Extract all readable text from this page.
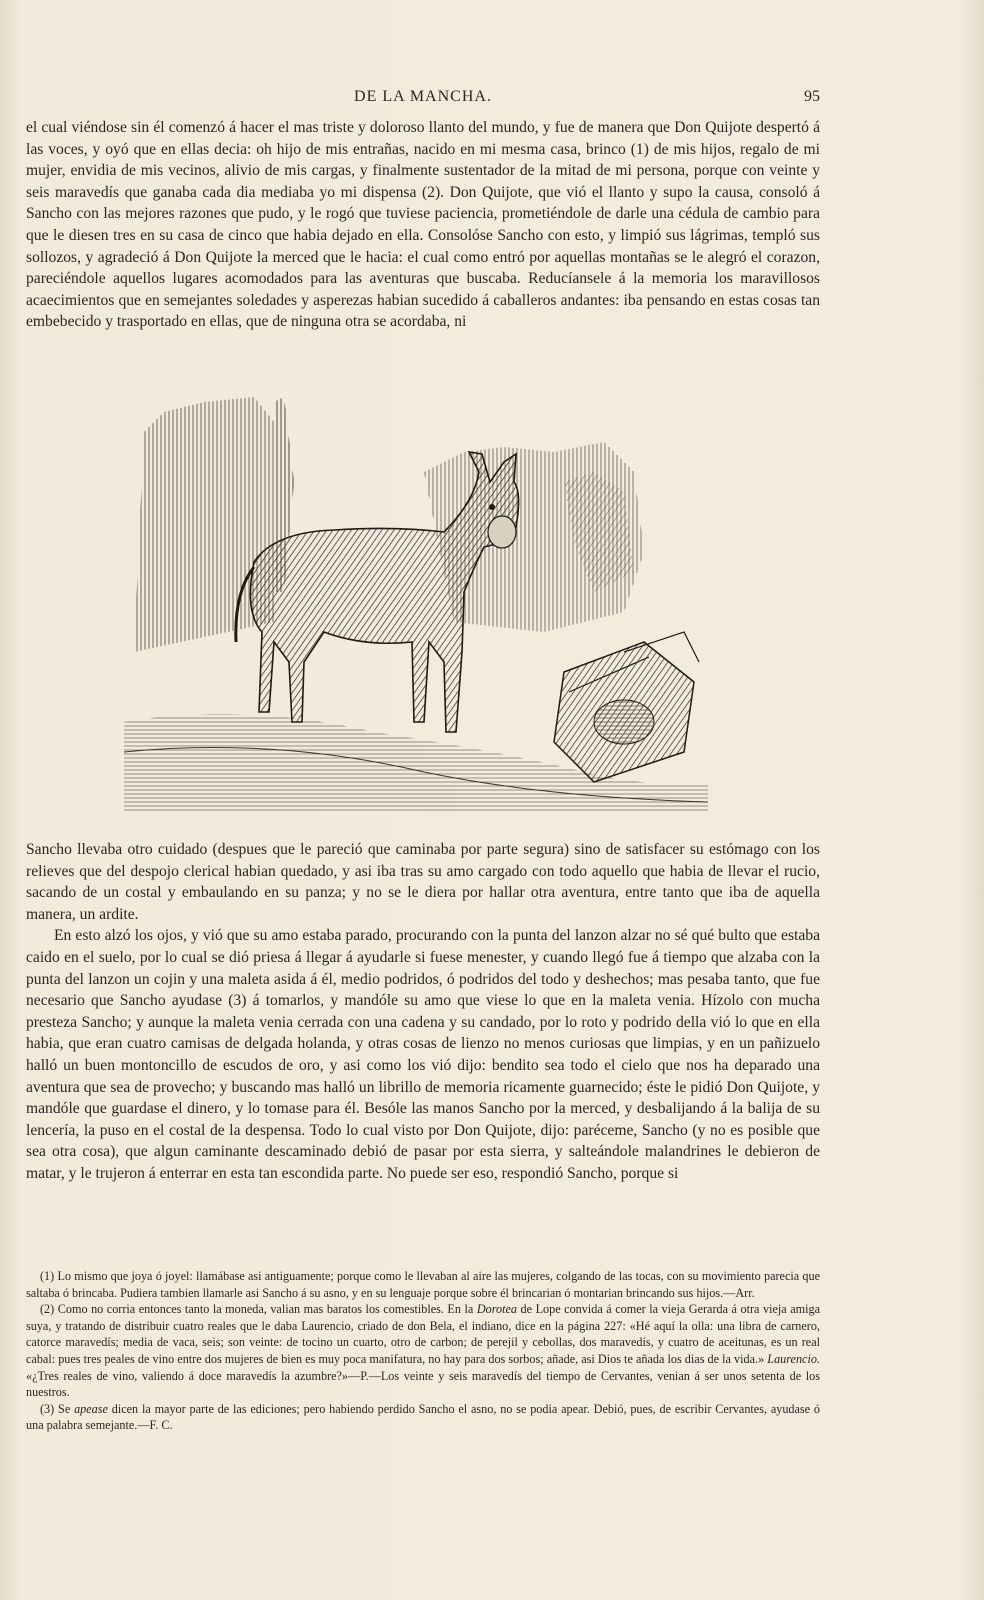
DE LA MANCHA.	95

el cual viéndose sin él comenzó á hacer el mas triste y doloroso llanto del mundo, y fue de manera que Don Quijote despertó á las voces, y oyó que en ellas decia: oh hijo de mis entrañas, nacido en mi mesma casa, brinco (1) de mis hijos, regalo de mi mujer, envidia de mis vecinos, alivio de mis cargas, y finalmente sustentador de la mitad de mi persona, porque con veinte y seis maravedís que ganaba cada dia mediaba yo mi dispensa (2). Don Quijote, que vió el llanto y supo la causa, consoló á Sancho con las mejores razones que pudo, y le rogó que tuviese paciencia, prometiéndole de darle una cédula de cambio para que le diesen tres en su casa de cinco que habia dejado en ella. Consolóse Sancho con esto, y limpió sus lágrimas, templó sus sollozos, y agradeció á Don Quijote la merced que le hacia: el cual como entró por aquellas montañas se le alegró el corazon, pareciéndole aquellos lugares acomodados para las aventuras que buscaba. Reducíansele á la memoria los maravillosos acaecimientos que en semejantes soledades y asperezas habian sucedido á caballeros andantes: iba pensando en estas cosas tan embebecido y trasportado en ellas, que de ninguna otra se acordaba, ni

Sancho llevaba otro cuidado (despues que le pareció que caminaba por parte segura) sino de satisfacer su estómago con los relieves que del despojo clerical habian quedado, y asi iba tras su amo cargado con todo aquello que habia de llevar el rucio, sacando de un costal y embaulando en su panza; y no se le diera por hallar otra aventura, entre tanto que iba de aquella manera, un ardite.

En esto alzó los ojos, y vió que su amo estaba parado, procurando con la punta del lanzon alzar no sé qué bulto que estaba caido en el suelo, por lo cual se dió priesa á llegar á ayudarle si fuese menester, y cuando llegó fue á tiempo que alzaba con la punta del lanzon un cojin y una maleta asida á él, medio podridos, ó podridos del todo y deshechos; mas pesaba tanto, que fue necesario que Sancho ayudase (3) á tomarlos, y mandóle su amo que viese lo que en la maleta venia. Hízolo con mucha presteza Sancho; y aunque la maleta venia cerrada con una cadena y su candado, por lo roto y podrido della vió lo que en ella habia, que eran cuatro camisas de delgada holanda, y otras cosas de lienzo no menos curiosas que limpias, y en un pañizuelo halló un buen montoncillo de escudos de oro, y asi como los vió dijo: bendito sea todo el cielo que nos ha deparado una aventura que sea de provecho; y buscando mas halló un librillo de memoria ricamente guarnecido; éste le pidió Don Quijote, y mandóle que guardase el dinero, y lo tomase para él. Besóle las manos Sancho por la merced, y desbalijando á la balija de su lencería, la puso en el costal de la despensa. Todo lo cual visto por Don Quijote, dijo: paréceme, Sancho (y no es posible que sea otra cosa), que algun caminante descaminado debió de pasar por esta sierra, y salteándole malandrines le debieron de matar, y le trujeron á enterrar en esta tan escondida parte. No puede ser eso, respondió Sancho, porque si

(1) Lo mismo que joya ó joyel: llamábase asi antiguamente; porque como le llevaban al aire las mujeres, colgando de las tocas, con su movimiento parecia que saltaba ó brincaba. Pudiera tambien llamarle asi Sancho á su asno, y en su lenguaje porque sobre él brincarian ó montarian brincando sus hijos.—Arr.

(2) Como no corria entonces tanto la moneda, valian mas baratos los comestibles. En la Dorotea de Lope convida á comer la vieja Gerarda á otra vieja amiga suya, y tratando de distribuir cuatro reales que le daba Laurencio, criado de don Bela, el indiano, dice en la página 227: «Hé aquí la olla: una libra de carnero, catorce maravedís; media de vaca, seis; son veinte: de tocino un cuarto, otro de carbon; de perejil y cebollas, dos maravedís, y cuatro de aceitunas, es un real cabal: pues tres peales de vino entre dos mujeres de bien es muy poca manifatura, no hay para dos sorbos; añade, asi Dios te añada los dias de la vida.» Laurencio. «¿Tres reales de vino, valiendo á doce maravedís la azumbre?»—P.—Los veinte y seis maravedís del tiempo de Cervantes, venian á ser unos setenta de los nuestros.

(3) Se apease dicen la mayor parte de las ediciones; pero habiendo perdido Sancho el asno, no se podia apear. Debió, pues, de escribir Cervantes, ayudase ó una palabra semejante.—F. C.
